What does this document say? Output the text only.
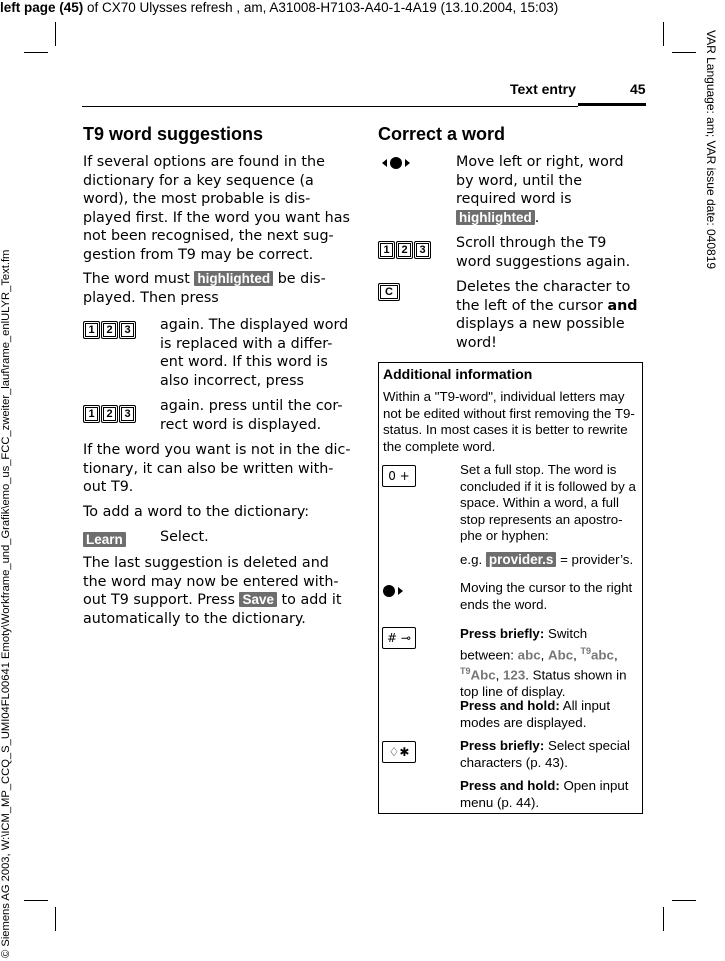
left page (45) of CX70 Ulysses refresh , am, A31008-H7103-A40-1-4A19 (13.10.2004, 15:03)
VAR Language: am; VAR issue date: 040819
© Siemens AG 2003, W:\ICM_MP_CCQ_S_UMI04FL00641 Emoty\Workframe_und_Grafik\emo_us_FCC_zweiter_lauf\rame_enlULYR_Text.fm
Text entry	45
T9 word suggestions

If several options are found in the dictionary for a key sequence (a word), the most probable is dis-played first. If the word you want has not been recognised, the next sug-gestion from T9 may be correct.

The word must highlighted be dis-played. Then press

1	2	3	again. The displayed word is replaced with a differ-ent word. If this word is also incorrect, press
1	2	3	again. press until the cor-rect word is displayed.

If the word you want is not in the dic-tionary, it can also be written with-out T9.

To add a word to the dictionary:

Learn	Select.
The last suggestion is deleted and the word may now be entered with-out T9 support. Press Save to add it automatically to the dictionary.
Correct a word
Move left or right, word by word, until the required word is highlighted .
1	2	3	Scroll through the T9 word suggestions again.
C	Deletes the character to the left of the cursor and displays a new possible word!
Additional information
Within a "T9-word", individual letters may not be edited without first removing the T9-status. In most cases it is better to rewrite the complete word.
0 +	Set a full stop. The word is concluded if it is followed by a space. Within a word, a full stop represents an apostro-phe or hyphen:
e.g. provider.s = provider’s.
Moving the cursor to the right ends the word.
# ⊸	Press briefly: Switch between: abc, Abc, $^{T9}$abc, $^{T9}$Abc, 123. Status shown in top line of display.
Press and hold: All input modes are displayed.
♢✱	Press briefly: Select special characters (p. 43).
Press and hold: Open input menu (p. 44).
